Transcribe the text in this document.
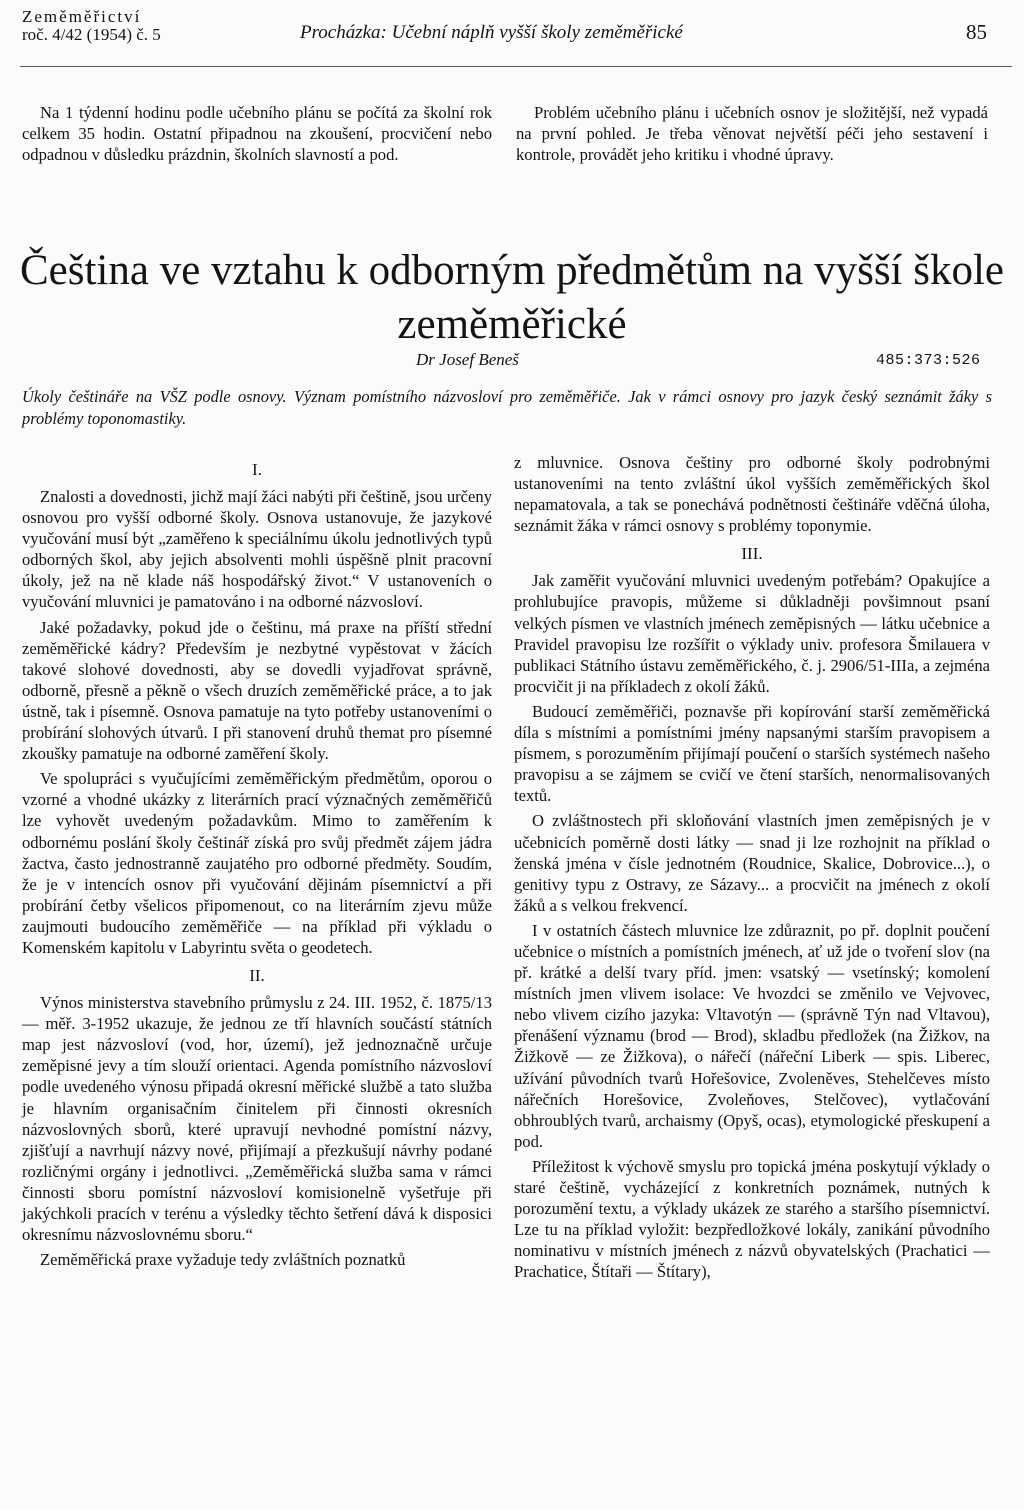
Zeměměřictví
roč. 4/42 (1954) č. 5	Procházka: Učební náplň vyšší školy zeměměřické	85

Na 1 týdenní hodinu podle učebního plánu se počítá za školní rok celkem 35 hodin. Ostatní připadnou na zkoušení, procvičení nebo odpadnou v důsledku prázdnin, školních slavností a pod.

Problém učebního plánu i učebních osnov je složitější, než vypadá na první pohled. Je třeba věnovat největší péči jeho sestavení i kontrole, provádět jeho kritiku i vhodné úpravy.

Čeština ve vztahu k odborným předmětům na vyšší škole zeměměřické
Dr Josef Beneš	485:373:526

Úkoly češtináře na VŠZ podle osnovy. Význam pomístního názvosloví pro zeměměřiče. Jak v rámci osnovy pro jazyk český seznámit žáky s problémy toponomastiky.

I.

Znalosti a dovednosti, jichž mají žáci nabýti při češtině, jsou určeny osnovou pro vyšší odborné školy. Osnova ustanovuje, že jazykové vyučování musí být „zaměřeno k speciálnímu úkolu jednotlivých typů odborných škol, aby jejich absolventi mohli úspěšně plnit pracovní úkoly, jež na ně klade náš hospodářský život.“ V ustanoveních o vyučování mluvnici je pamatováno i na odborné názvosloví.

Jaké požadavky, pokud jde o češtinu, má praxe na příští střední zeměměřické kádry? Především je nezbytné vypěstovat v žácích takové slohové dovednosti, aby se dovedli vyjadřovat správně, odborně, přesně a pěkně o všech druzích zeměměřické práce, a to jak ústně, tak i písemně. Osnova pamatuje na tyto potřeby ustanoveními o probírání slohových útvarů. I při stanovení druhů themat pro písemné zkoušky pamatuje na odborné zaměření školy.

Ve spolupráci s vyučujícími zeměměřickým předmětům, oporou o vzorné a vhodné ukázky z literárních prací význačných zeměměřičů lze vyhovět uvedeným požadavkům. Mimo to zaměřením k odbornému poslání školy češtinář získá pro svůj předmět zájem jádra žactva, často jednostranně zaujatého pro odborné předměty. Soudím, že je v intencích osnov při vyučování dějinám písemnictví a při probírání četby všelicos připomenout, co na literárním zjevu může zaujmouti budoucího zeměměřiče — na příklad při výkladu o Komenském kapitolu v Labyrintu světa o geodetech.

II.

Výnos ministerstva stavebního průmyslu z 24. III. 1952, č. 1875/13 — měř. 3-1952 ukazuje, že jednou ze tří hlavních součástí státních map jest názvosloví (vod, hor, území), jež jednoznačně určuje zeměpisné jevy a tím slouží orientaci. Agenda pomístního názvosloví podle uvedeného výnosu připadá okresní měřické službě a tato služba je hlavním organisačním činitelem při činnosti okresních názvoslovných sborů, které upravují nevhodné pomístní názvy, zjišťují a navrhují názvy nové, přijímají a přezkušují návrhy podané rozličnými orgány i jednotlivci. „Zeměměřická služba sama v rámci činnosti sboru pomístní názvosloví komisionelně vyšetřuje při jakýchkoli pracích v terénu a výsledky těchto šetření dává k disposici okresnímu názvoslovnému sboru.“

Zeměměřická praxe vyžaduje tedy zvláštních poznatků

z mluvnice. Osnova češtiny pro odborné školy podrobnými ustanoveními na tento zvláštní úkol vyšších zeměměřických škol nepamatovala, a tak se ponechává podnětnosti češtináře vděčná úloha, seznámit žáka v rámci osnovy s problémy toponymie.

III.

Jak zaměřit vyučování mluvnici uvedeným potřebám? Opakujíce a prohlubujíce pravopis, můžeme si důkladněji povšimnout psaní velkých písmen ve vlastních jménech zeměpisných — látku učebnice a Pravidel pravopisu lze rozšířit o výklady univ. profesora Šmilauera v publikaci Státního ústavu zeměměřického, č. j. 2906/51-IIIa, a zejména procvičit ji na příkladech z okolí žáků.

Budoucí zeměměřiči, poznavše při kopírování starší zeměměřická díla s místními a pomístními jmény napsanými starším pravopisem a písmem, s porozuměním přijímají poučení o starších systémech našeho pravopisu a se zájmem se cvičí ve čtení starších, nenormalisovaných textů.

O zvláštnostech při skloňování vlastních jmen zeměpisných je v učebnicích poměrně dosti látky — snad ji lze rozhojnit na příklad o ženská jména v čísle jednotném (Roudnice, Skalice, Dobrovice...), o genitivy typu z Ostravy, ze Sázavy... a procvičit na jménech z okolí žáků a s velkou frekvencí.

I v ostatních částech mluvnice lze zdůraznit, po př. doplnit poučení učebnice o místních a pomístních jménech, ať už jde o tvoření slov (na př. krátké a delší tvary příd. jmen: vsatský — vsetínský; komolení místních jmen vlivem isolace: Ve hvozdci se změnilo ve Vejvovec, nebo vlivem cizího jazyka: Vltavotýn — (správně Týn nad Vltavou), přenášení významu (brod — Brod), skladbu předložek (na Žižkov, na Žižkově — ze Žižkova), o nářečí (nářeční Liberk — spis. Liberec, užívání původních tvarů Hořešovice, Zvoleněves, Stehelčeves místo nářečních Horešovice, Zvoleňoves, Stelčovec), vytlačování obhroublých tvarů, archaismy (Opyš, ocas), etymologické přeskupení a pod.

Příležitost k výchově smyslu pro topická jména poskytují výklady o staré češtině, vycházející z konkretních poznámek, nutných k porozumění textu, a výklady ukázek ze starého a staršího písemnictví. Lze tu na příklad vyložit: bezpředložkové lokály, zanikání původního nominativu v místních jménech z názvů obyvatelských (Prachatici — Prachatice, Štítaři — Štítary),
